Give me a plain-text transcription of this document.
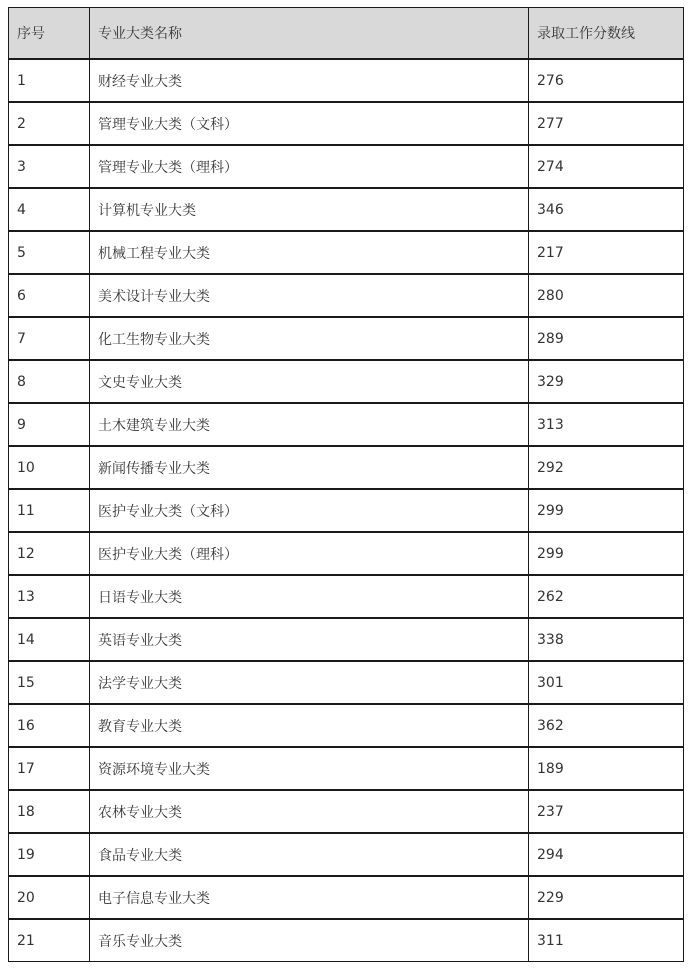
序号	专业大类名称	录取工作分数线
1	财经专业大类	276
2	管理专业大类（文科）	277
3	管理专业大类（理科）	274
4	计算机专业大类	346
5	机械工程专业大类	217
6	美术设计专业大类	280
7	化工生物专业大类	289
8	文史专业大类	329
9	土木建筑专业大类	313
10	新闻传播专业大类	292
11	医护专业大类（文科）	299
12	医护专业大类（理科）	299
13	日语专业大类	262
14	英语专业大类	338
15	法学专业大类	301
16	教育专业大类	362
17	资源环境专业大类	189
18	农林专业大类	237
19	食品专业大类	294
20	电子信息专业大类	229
21	音乐专业大类	311
